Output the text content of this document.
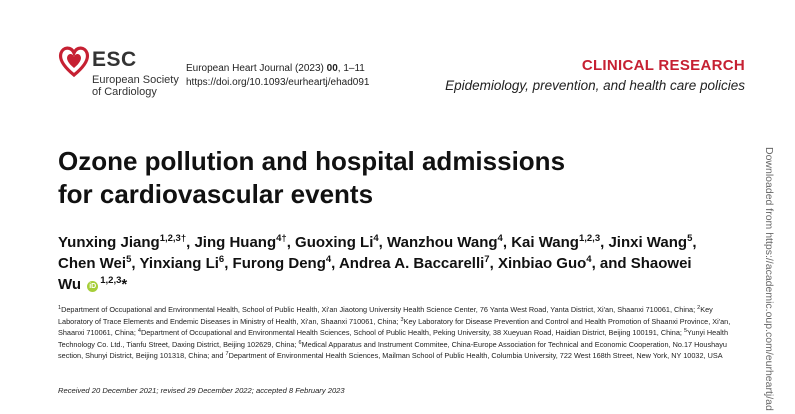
ESC
European Society
of Cardiology
European Heart Journal (2023) 00, 1–11
https://doi.org/10.1093/eurheartj/ehad091
CLINICAL RESEARCH
Epidemiology, prevention, and health care policies
Ozone pollution and hospital admissions
for cardiovascular events
Yunxing Jiang$^{1,2,3\dagger}$, Jing Huang$^{4\dagger}$, Guoxing Li$^4$, Wanzhou Wang$^4$, Kai Wang$^{1,2,3}$, Jinxi Wang$^5$, Chen Wei$^5$, Yinxiang Li$^6$, Furong Deng$^4$, Andrea A. Baccarelli$^7$, Xinbiao Guo$^4$, and Shaowei Wu iD$^{1,2,3}$*
$^1$Department of Occupational and Environmental Health, School of Public Health, Xi'an Jiaotong University Health Science Center, 76 Yanta West Road, Yanta District, Xi'an, Shaanxi 710061, China; $^2$Key Laboratory of Trace Elements and Endemic Diseases in Ministry of Health, Xi'an, Shaanxi 710061, China; $^3$Key Laboratory for Disease Prevention and Control and Health Promotion of Shaanxi Province, Xi'an, Shaanxi 710061, China; $^4$Department of Occupational and Environmental Health Sciences, School of Public Health, Peking University, 38 Xueyuan Road, Haidian District, Beijing 100191, China; $^5$Yunyi Health Technology Co. Ltd., Tianfu Street, Daxing District, Beijing 102629, China; $^6$Medical Apparatus and Instrument Commitee, China-Europe Association for Technical and Economic Cooperation, No.17 Houshayu section, Shunyi District, Beijing 101318, China; and $^7$Department of Environmental Health Sciences, Mailman School of Public Health, Columbia University, 722 West 168th Street, New York, NY 10032, USA
Received 20 December 2021; revised 29 December 2022; accepted 8 February 2023	Downloaded from https://academic.oup.com/eurheartj/ad
